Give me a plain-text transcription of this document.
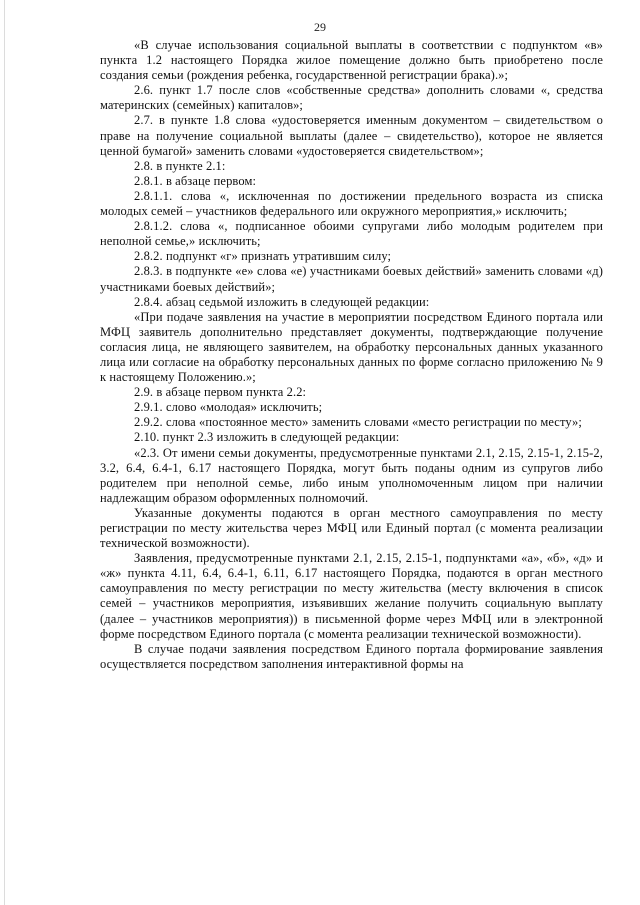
29

«В случае использования социальной выплаты в соответствии с подпунктом «в» пункта 1.2 настоящего Порядка жилое помещение должно быть приобретено после создания семьи (рождения ребенка, государственной регистрации брака).»;

2.6. пункт 1.7 после слов «собственные средства» дополнить словами «, средства материнских (семейных) капиталов»;

2.7. в пункте 1.8 слова «удостоверяется именным документом – свидетельством о праве на получение социальной выплаты (далее – свидетельство), которое не является ценной бумагой» заменить словами «удостоверяется свидетельством»;

2.8. в пункте 2.1:

2.8.1. в абзаце первом:

2.8.1.1. слова «, исключенная по достижении предельного возраста из списка молодых семей – участников федерального или окружного мероприятия,» исключить;

2.8.1.2. слова «, подписанное обоими супругами либо молодым родителем при неполной семье,» исключить;

2.8.2. подпункт «г» признать утратившим силу;

2.8.3. в подпункте «е» слова «е) участниками боевых действий» заменить словами «д) участниками боевых действий»;

2.8.4. абзац седьмой изложить в следующей редакции:

«При подаче заявления на участие в мероприятии посредством Единого портала или МФЦ заявитель дополнительно представляет документы, подтверждающие получение согласия лица, не являющего заявителем, на обработку персональных данных указанного лица или согласие на обработку персональных данных по форме согласно приложению № 9 к настоящему Положению.»;

2.9. в абзаце первом пункта 2.2:

2.9.1. слово «молодая» исключить;

2.9.2. слова «постоянное место» заменить словами «место регистрации по месту»;

2.10. пункт 2.3 изложить в следующей редакции:

«2.3. От имени семьи документы, предусмотренные пунктами 2.1, 2.15, 2.15-1, 2.15-2, 3.2, 6.4, 6.4-1, 6.17 настоящего Порядка, могут быть поданы одним из супругов либо родителем при неполной семье, либо иным уполномоченным лицом при наличии надлежащим образом оформленных полномочий.

Указанные документы подаются в орган местного самоуправления по месту регистрации по месту жительства через МФЦ или Единый портал (с момента реализации технической возможности).

Заявления, предусмотренные пунктами 2.1, 2.15, 2.15-1, подпунктами «а», «б», «д» и «ж» пункта 4.11, 6.4, 6.4-1, 6.11, 6.17 настоящего Порядка, подаются в орган местного самоуправления по месту регистрации по месту жительства (месту включения в список семей – участников мероприятия, изъявивших желание получить социальную выплату (далее – участников мероприятия)) в письменной форме через МФЦ или в электронной форме посредством Единого портала (с момента реализации технической возможности).

В случае подачи заявления посредством Единого портала формирование заявления осуществляется посредством заполнения интерактивной формы на
